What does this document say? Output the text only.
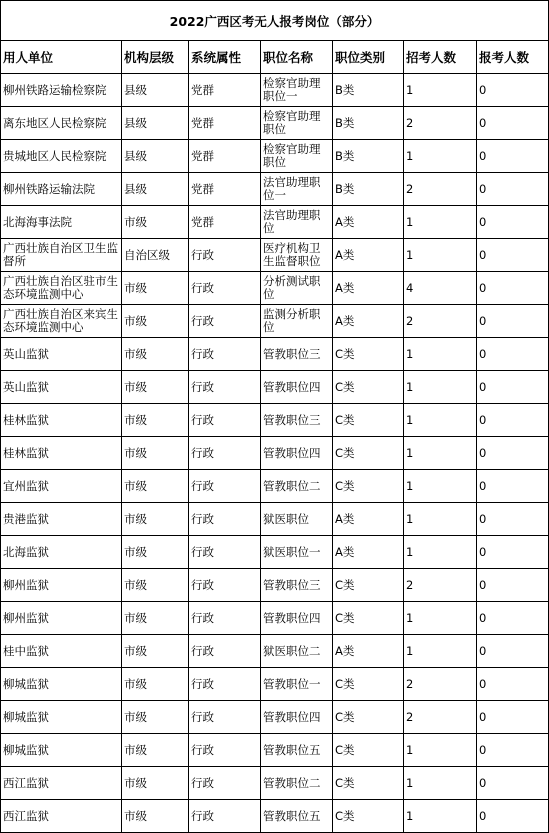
2022广西区考无人报考岗位（部分）						
用人单位	机构层级	系统属性	职位名称	职位类别	招考人数	报考人数
柳州铁路运输检察院	县级	党群	检察官助理职位一	B类	1	0
离东地区人民检察院	县级	党群	检察官助理职位	B类	2	0
贵城地区人民检察院	县级	党群	检察官助理职位	B类	1	0
柳州铁路运输法院	县级	党群	法官助理职位一	B类	2	0
北海海事法院	市级	党群	法官助理职位	A类	1	0
广西壮族自治区卫生监督所	自治区级	行政	医疗机构卫生监督职位	A类	1	0
广西壮族自治区驻市生态环境监测中心	市级	行政	分析测试职位	A类	4	0
广西壮族自治区来宾生态环境监测中心	市级	行政	监测分析职位	A类	2	0
英山监狱	市级	行政	管教职位三	C类	1	0
英山监狱	市级	行政	管教职位四	C类	1	0
桂林监狱	市级	行政	管教职位三	C类	1	0
桂林监狱	市级	行政	管教职位四	C类	1	0
宜州监狱	市级	行政	管教职位二	C类	1	0
贵港监狱	市级	行政	狱医职位	A类	1	0
北海监狱	市级	行政	狱医职位一	A类	1	0
柳州监狱	市级	行政	管教职位三	C类	2	0
柳州监狱	市级	行政	管教职位四	C类	1	0
桂中监狱	市级	行政	狱医职位二	A类	1	0
柳城监狱	市级	行政	管教职位一	C类	2	0
柳城监狱	市级	行政	管教职位四	C类	2	0
柳城监狱	市级	行政	管教职位五	C类	1	0
西江监狱	市级	行政	管教职位二	C类	1	0
西江监狱	市级	行政	管教职位五	C类	1	0
